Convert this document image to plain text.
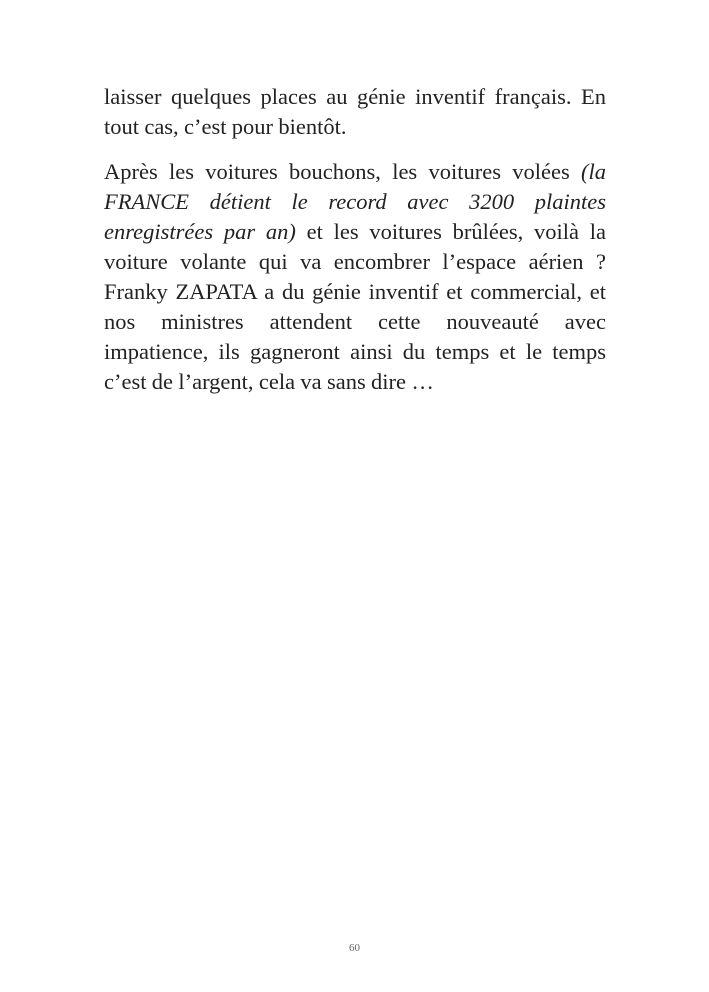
laisser quelques places au génie inventif français. En tout cas, c’est pour bientôt.

Après les voitures bouchons, les voitures volées (la FRANCE détient le record avec 3200 plaintes enregistrées par an) et les voitures brûlées, voilà la voiture volante qui va encombrer l’espace aérien ? Franky ZAPATA a du génie inventif et commercial, et nos ministres attendent cette nouveauté avec impatience, ils gagneront ainsi du temps et le temps c’est de l’argent, cela va sans dire …

60
